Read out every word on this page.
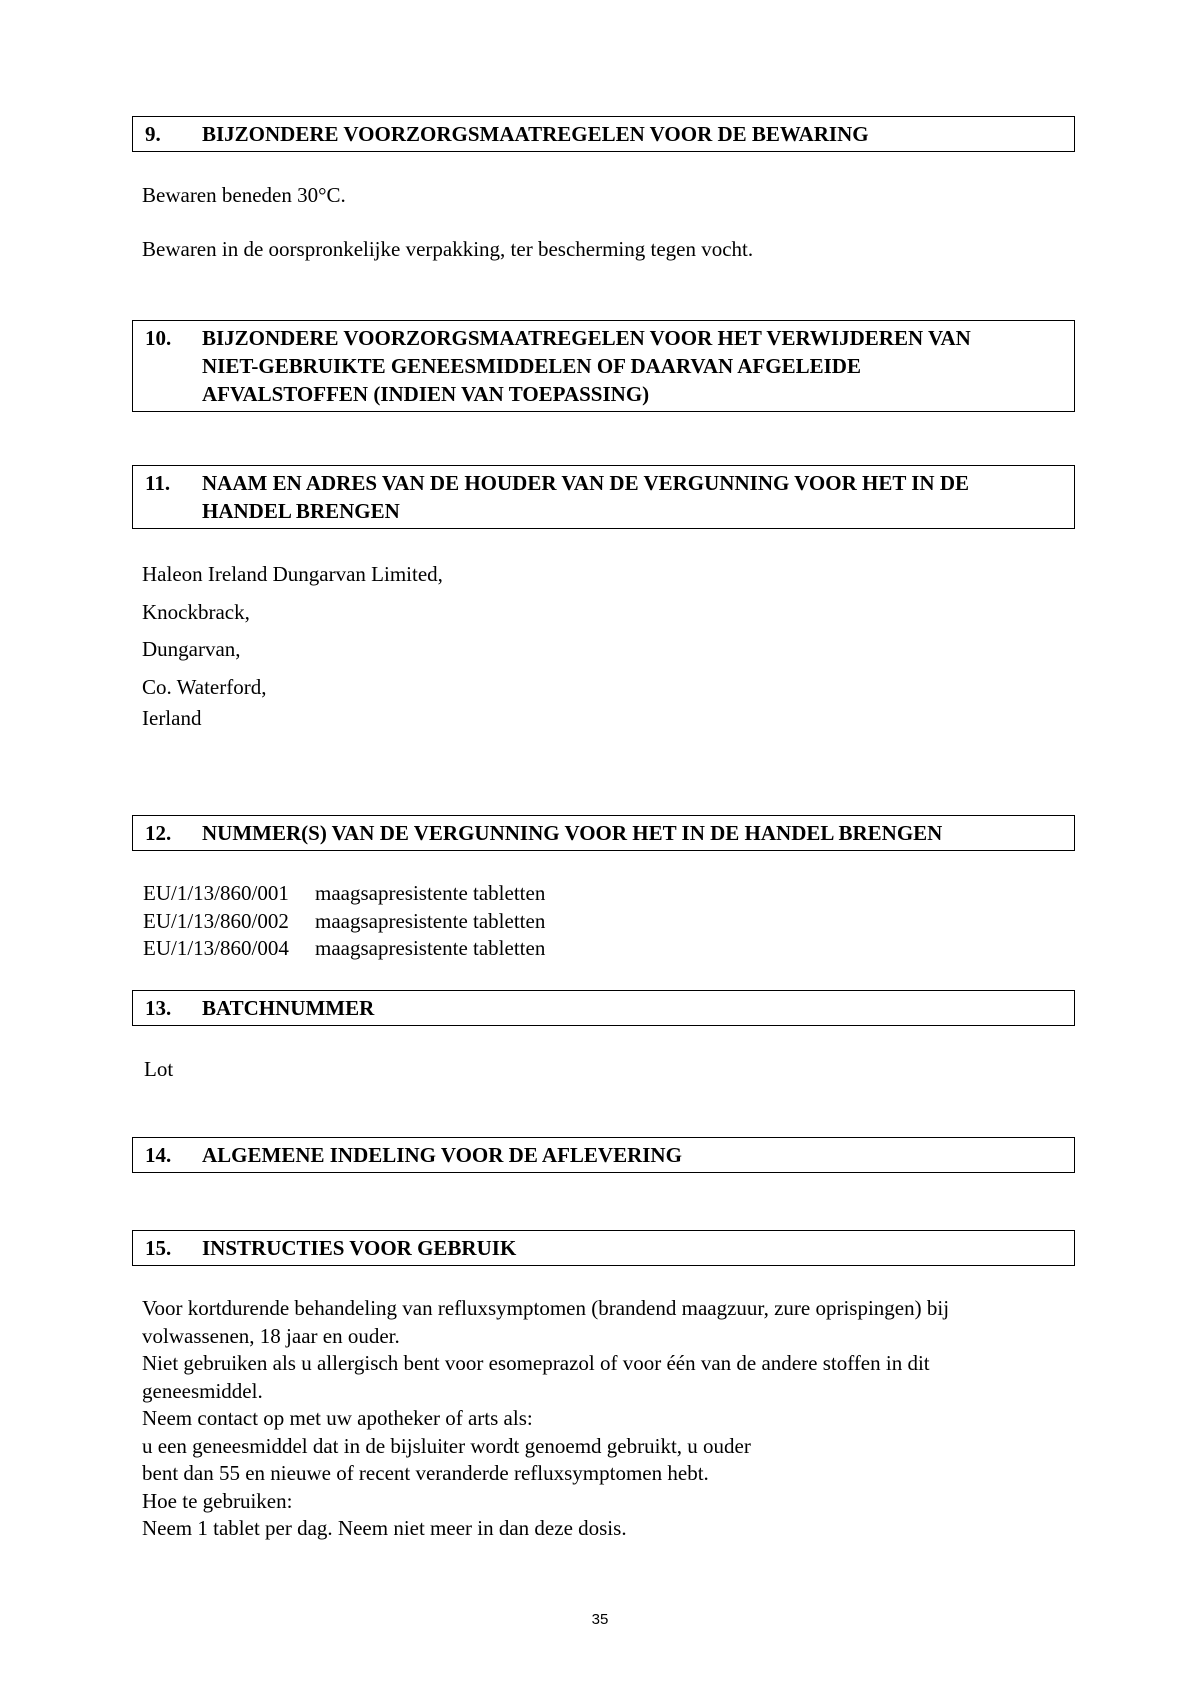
9. BIJZONDERE VOORZORGSMAATREGELEN VOOR DE BEWARING
Bewaren beneden 30°C.
Bewaren in de oorspronkelijke verpakking, ter bescherming tegen vocht.
10. BIJZONDERE VOORZORGSMAATREGELEN VOOR HET VERWIJDEREN VAN
NIET-GEBRUIKTE GENEESMIDDELEN OF DAARVAN AFGELEIDE
AFVALSTOFFEN (INDIEN VAN TOEPASSING)
11. NAAM EN ADRES VAN DE HOUDER VAN DE VERGUNNING VOOR HET IN DE
HANDEL BRENGEN
Haleon Ireland Dungarvan Limited,
Knockbrack,
Dungarvan,
Co. Waterford,
Ierland
12. NUMMER(S) VAN DE VERGUNNING VOOR HET IN DE HANDEL BRENGEN
EU/1/13/860/001 maagsapresistente tabletten
EU/1/13/860/002 maagsapresistente tabletten
EU/1/13/860/004 maagsapresistente tabletten
13. BATCHNUMMER
Lot
14. ALGEMENE INDELING VOOR DE AFLEVERING
15. INSTRUCTIES VOOR GEBRUIK
Voor kortdurende behandeling van refluxsymptomen (brandend maagzuur, zure oprispingen) bij
volwassenen, 18 jaar en ouder.
Niet gebruiken als u allergisch bent voor esomeprazol of voor één van de andere stoffen in dit
geneesmiddel.
Neem contact op met uw apotheker of arts als:
u een geneesmiddel dat in de bijsluiter wordt genoemd gebruikt, u ouder
bent dan 55 en nieuwe of recent veranderde refluxsymptomen hebt.
Hoe te gebruiken:
Neem 1 tablet per dag. Neem niet meer in dan deze dosis.
35
